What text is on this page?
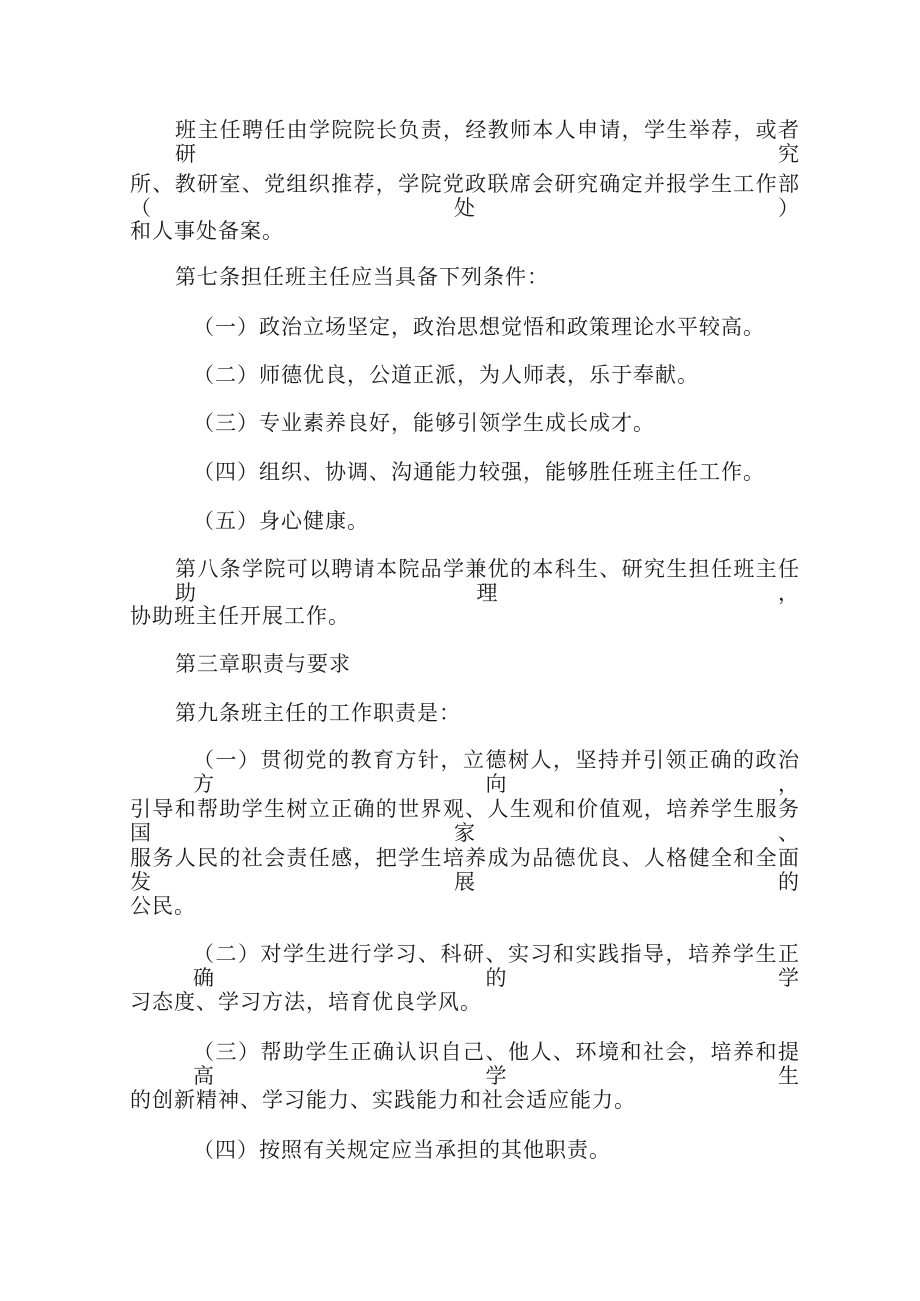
班主任聘任由学院院长负责，经教师本人申请，学生举荐，或者研究
所、教研室、党组织推荐，学院党政联席会研究确定并报学生工作部（处）
和人事处备案。
第七条担任班主任应当具备下列条件：
（一）政治立场坚定，政治思想觉悟和政策理论水平较高。
（二）师德优良，公道正派，为人师表，乐于奉献。
（三）专业素养良好，能够引领学生成长成才。
（四）组织、协调、沟通能力较强，能够胜任班主任工作。
（五）身心健康。
第八条学院可以聘请本院品学兼优的本科生、研究生担任班主任助理，
协助班主任开展工作。
第三章职责与要求
第九条班主任的工作职责是：
（一）贯彻党的教育方针，立德树人，坚持并引领正确的政治方向，
引导和帮助学生树立正确的世界观、人生观和价值观，培养学生服务国家、
服务人民的社会责任感，把学生培养成为品德优良、人格健全和全面发展的
公民。
（二）对学生进行学习、科研、实习和实践指导，培养学生正确的学
习态度、学习方法，培育优良学风。
（三）帮助学生正确认识自己、他人、环境和社会，培养和提高学生
的创新精神、学习能力、实践能力和社会适应能力。
（四）按照有关规定应当承担的其他职责。
